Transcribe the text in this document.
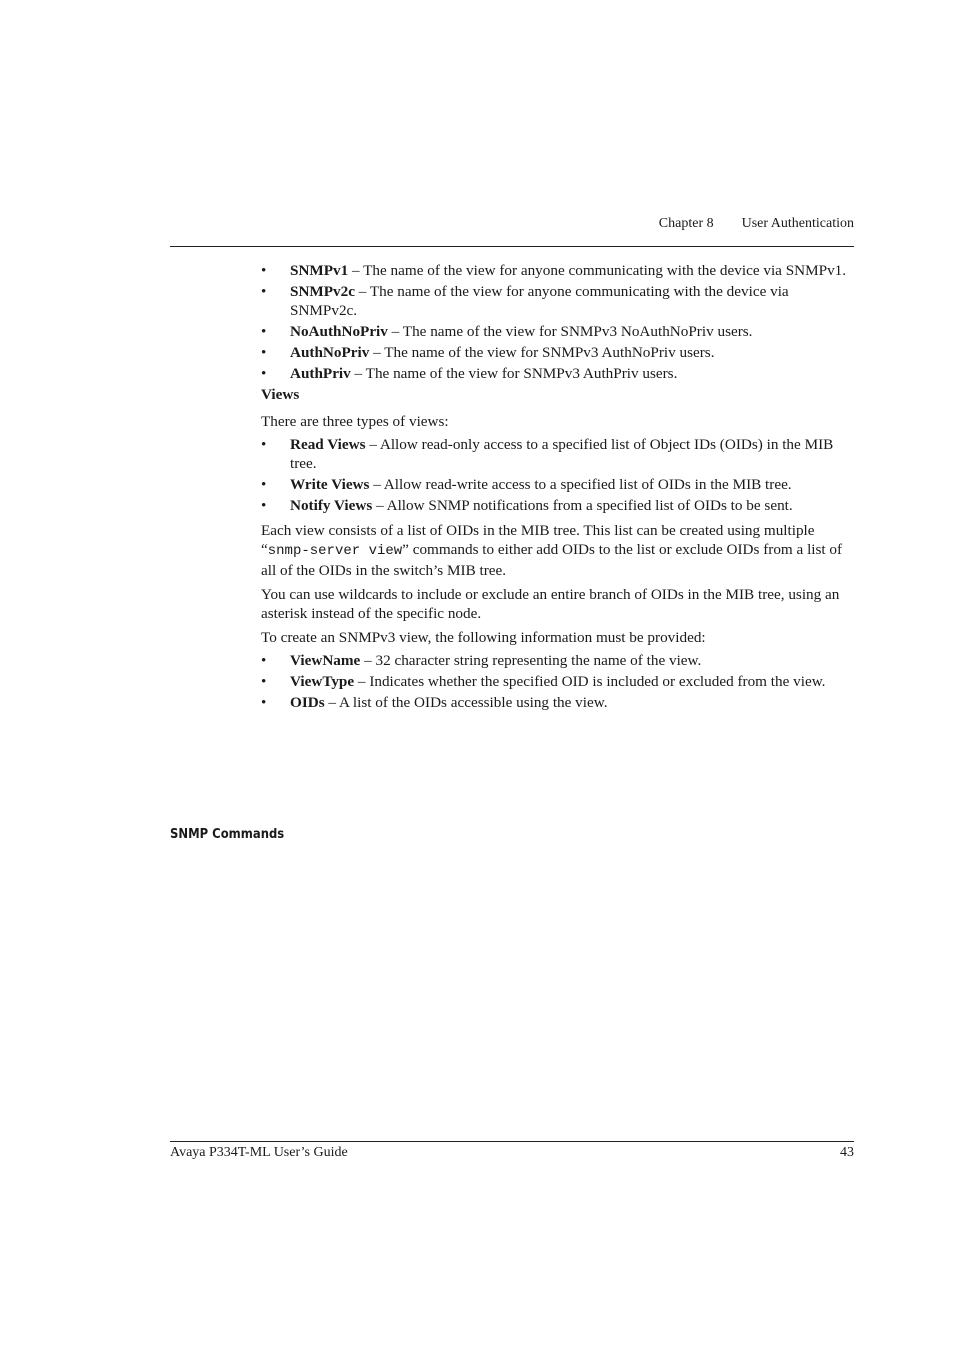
Chapter 8 User Authentication
• SNMPv1 – The name of the view for anyone communicating with the device via SNMPv1.
• SNMPv2c – The name of the view for anyone communicating with the device via SNMPv2c.
• NoAuthNoPriv – The name of the view for SNMPv3 NoAuthNoPriv users.
• AuthNoPriv – The name of the view for SNMPv3 AuthNoPriv users.
• AuthPriv – The name of the view for SNMPv3 AuthPriv users.
Views

There are three types of views:

• Read Views – Allow read-only access to a specified list of Object IDs (OIDs) in the MIB tree.
• Write Views – Allow read-write access to a specified list of OIDs in the MIB tree.
• Notify Views – Allow SNMP notifications from a specified list of OIDs to be sent.

Each view consists of a list of OIDs in the MIB tree. This list can be created using multiple “snmp-server view” commands to either add OIDs to the list or exclude OIDs from a list of all of the OIDs in the switch’s MIB tree.

You can use wildcards to include or exclude an entire branch of OIDs in the MIB tree, using an asterisk instead of the specific node.

To create an SNMPv3 view, the following information must be provided:

• ViewName – 32 character string representing the name of the view.
• ViewType – Indicates whether the specified OID is included or excluded from the view.
• OIDs – A list of the OIDs accessible using the view.
SNMP Commands
Avaya P334T-ML User’s Guide	43
